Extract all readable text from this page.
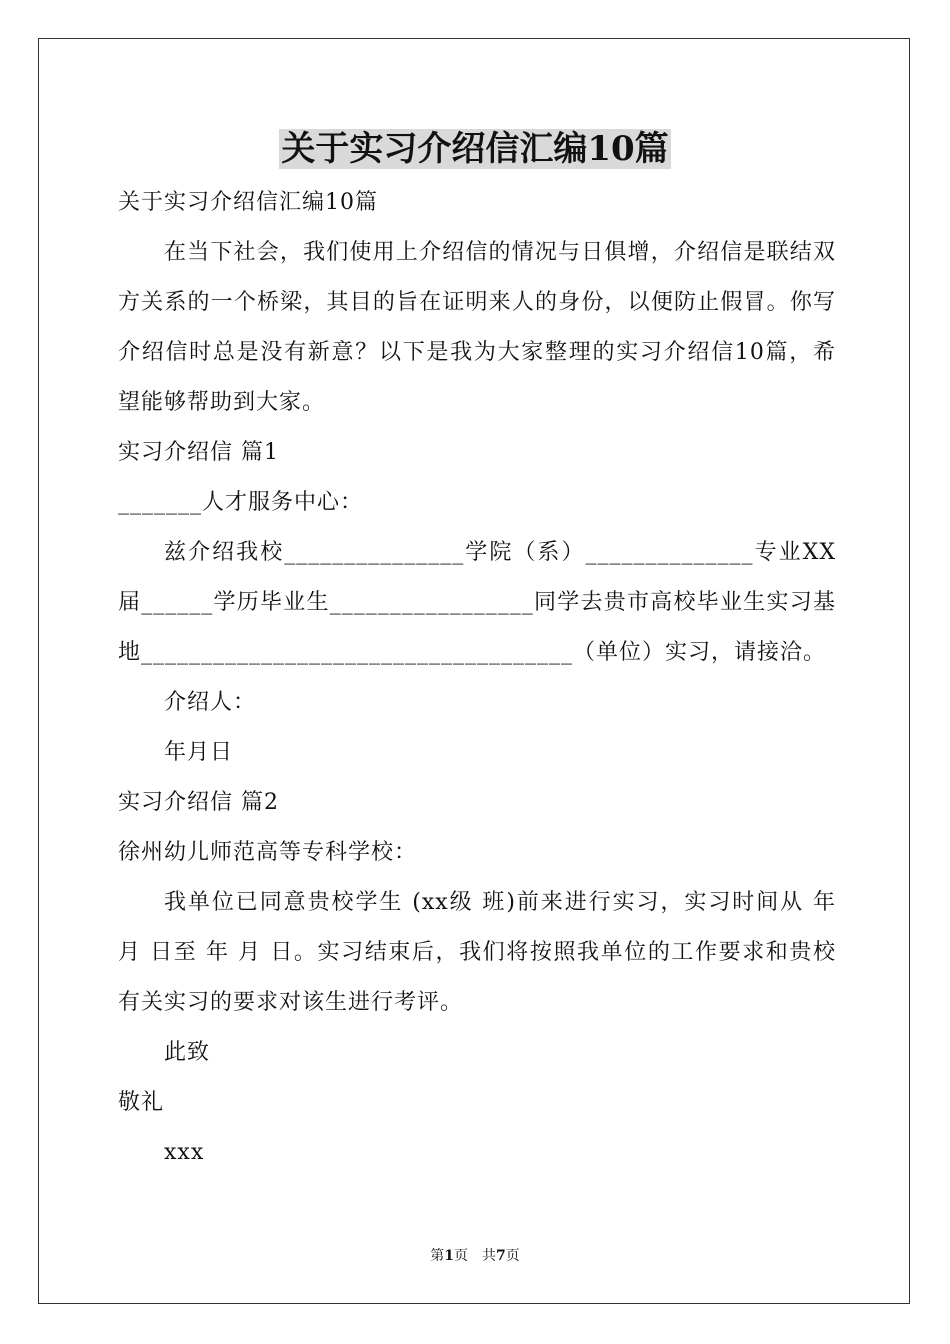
关于实习介绍信汇编10篇

关于实习介绍信汇编10篇

在当下社会，我们使用上介绍信的情况与日俱增，介绍信是联结双方关系的一个桥梁，其目的旨在证明来人的身份，以便防止假冒。你写介绍信时总是没有新意？以下是我为大家整理的实习介绍信10篇，希望能够帮助到大家。

实习介绍信 篇1

_______人才服务中心：

兹介绍我校_______________学院（系）______________专业XX届______学历毕业生_________________同学去贵市高校毕业生实习基地____________________________________（单位）实习，请接洽。

介绍人：

年月日

实习介绍信 篇2

徐州幼儿师范高等专科学校：

我单位已同意贵校学生 (xx级 班)前来进行实习，实习时间从 年 月 日至 年 月 日。实习结束后，我们将按照我单位的工作要求和贵校有关实习的要求对该生进行考评。

此致

敬礼

xxx

第1页　共7页
